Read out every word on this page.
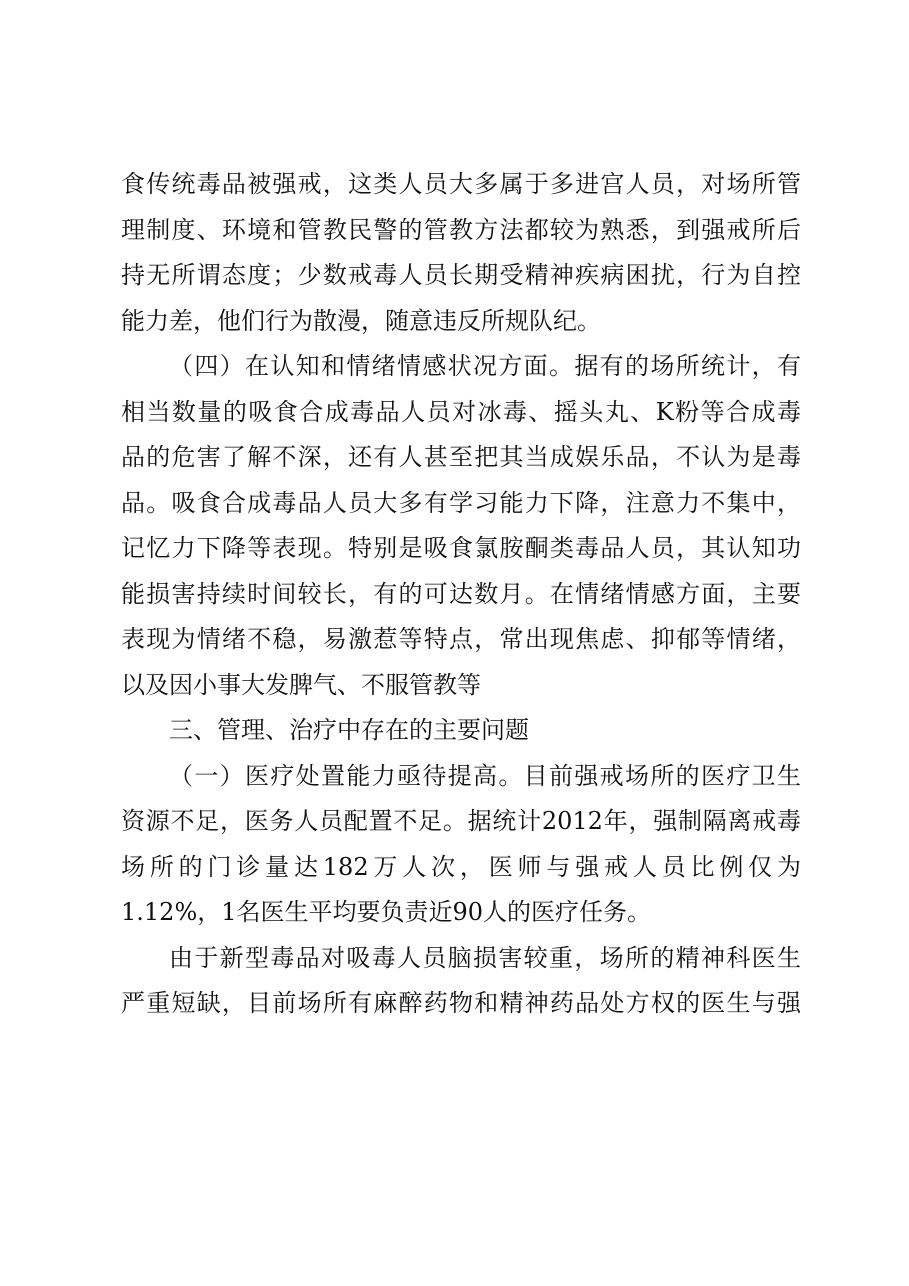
食传统毒品被强戒，这类人员大多属于多进宫人员，对场所管
理制度、环境和管教民警的管教方法都较为熟悉，到强戒所后
持无所谓态度；少数戒毒人员长期受精神疾病困扰，行为自控
能力差，他们行为散漫，随意违反所规队纪。
（四）在认知和情绪情感状况方面。据有的场所统计，有
相当数量的吸食合成毒品人员对冰毒、摇头丸、K粉等合成毒
品的危害了解不深，还有人甚至把其当成娱乐品，不认为是毒
品。吸食合成毒品人员大多有学习能力下降，注意力不集中，
记忆力下降等表现。特别是吸食氯胺酮类毒品人员，其认知功
能损害持续时间较长，有的可达数月。在情绪情感方面，主要
表现为情绪不稳，易激惹等特点，常出现焦虑、抑郁等情绪，
以及因小事大发脾气、不服管教等
三、管理、治疗中存在的主要问题
（一）医疗处置能力亟待提高。目前强戒场所的医疗卫生
资源不足，医务人员配置不足。据统计2012年，强制隔离戒毒
场所的门诊量达182万人次，医师与强戒人员比例仅为
1.12%，1名医生平均要负责近90人的医疗任务。
由于新型毒品对吸毒人员脑损害较重，场所的精神科医生
严重短缺，目前场所有麻醉药物和精神药品处方权的医生与强
